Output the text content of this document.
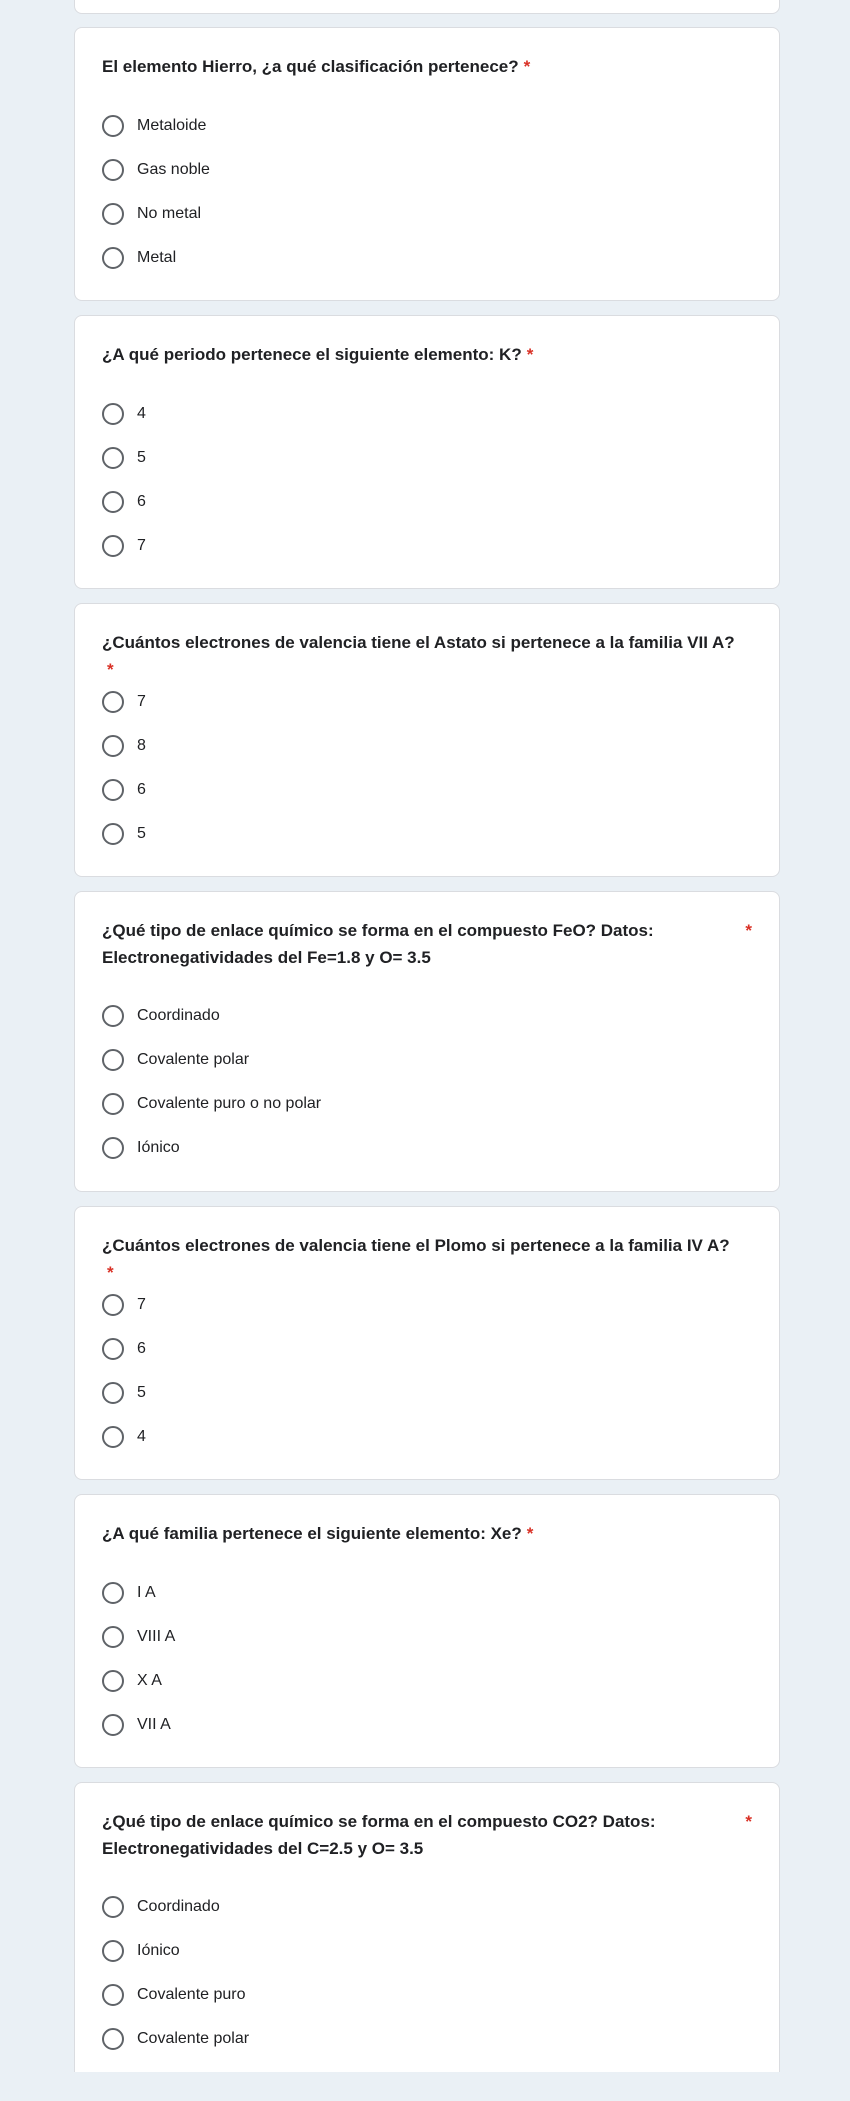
El elemento Hierro, ¿a qué clasificación pertenece? *
Metaloide
Gas noble
No metal
Metal
¿A qué periodo pertenece el siguiente elemento: K? *
4
5
6
7
¿Cuántos electrones de valencia tiene el Astato si pertenece a la familia VII A?*
7
8
6
5
¿Qué tipo de enlace químico se forma en el compuesto FeO? Datos: Electronegatividades del Fe=1.8 y O= 3.5
*
Coordinado
Covalente polar
Covalente puro o no polar
Iónico
¿Cuántos electrones de valencia tiene el Plomo si pertenece a la familia IV A?*
7
6
5
4
¿A qué familia pertenece el siguiente elemento: Xe? *
I A
VIII A
X A
VII A
¿Qué tipo de enlace químico se forma en el compuesto CO2? Datos: Electronegatividades del C=2.5 y O= 3.5
*
Coordinado
Iónico
Covalente puro
Covalente polar
